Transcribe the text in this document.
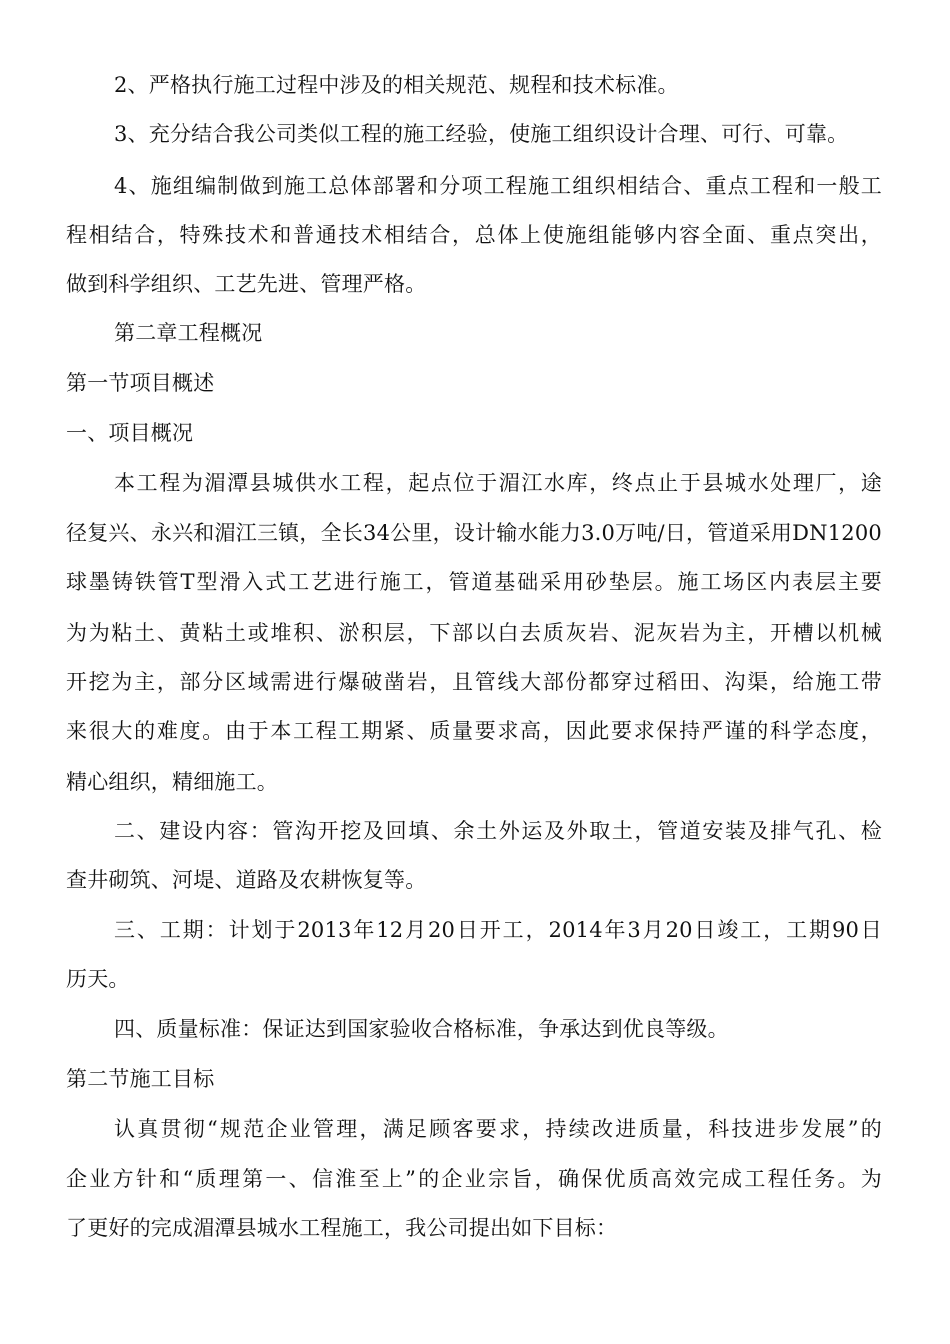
2、严格执行施工过程中涉及的相关规范、规程和技术标准。
3、充分结合我公司类似工程的施工经验，使施工组织设计合理、可行、可靠。
4、施组编制做到施工总体部署和分项工程施工组织相结合、重点工程和一般工
程相结合，特殊技术和普通技术相结合，总体上使施组能够内容全面、重点突出，
做到科学组织、工艺先进、管理严格。
第二章工程概况
第一节项目概述
一、项目概况
本工程为湄潭县城供水工程，起点位于湄江水库，终点止于县城水处理厂，途
径复兴、永兴和湄江三镇，全长34公里，设计输水能力3.0万吨/日，管道采用DN1200
球墨铸铁管T型滑入式工艺进行施工，管道基础采用砂垫层。施工场区内表层主要
为为粘土、黄粘土或堆积、淤积层，下部以白去质灰岩、泥灰岩为主，开槽以机械
开挖为主，部分区域需进行爆破凿岩，且管线大部份都穿过稻田、沟渠，给施工带
来很大的难度。由于本工程工期紧、质量要求高，因此要求保持严谨的科学态度，
精心组织，精细施工。
二、建设内容：管沟开挖及回填、余土外运及外取土，管道安装及排气孔、检
查井砌筑、河堤、道路及农耕恢复等。
三、工期：计划于2013年12月20日开工，2014年3月20日竣工，工期90日
历天。
四、质量标准：保证达到国家验收合格标准，争承达到优良等级。
第二节施工目标
认真贯彻“规范企业管理，满足顾客要求，持续改进质量，科技进步发展”的
企业方针和“质理第一、信淮至上”的企业宗旨，确保优质高效完成工程任务。为
了更好的完成湄潭县城水工程施工，我公司提出如下目标：
